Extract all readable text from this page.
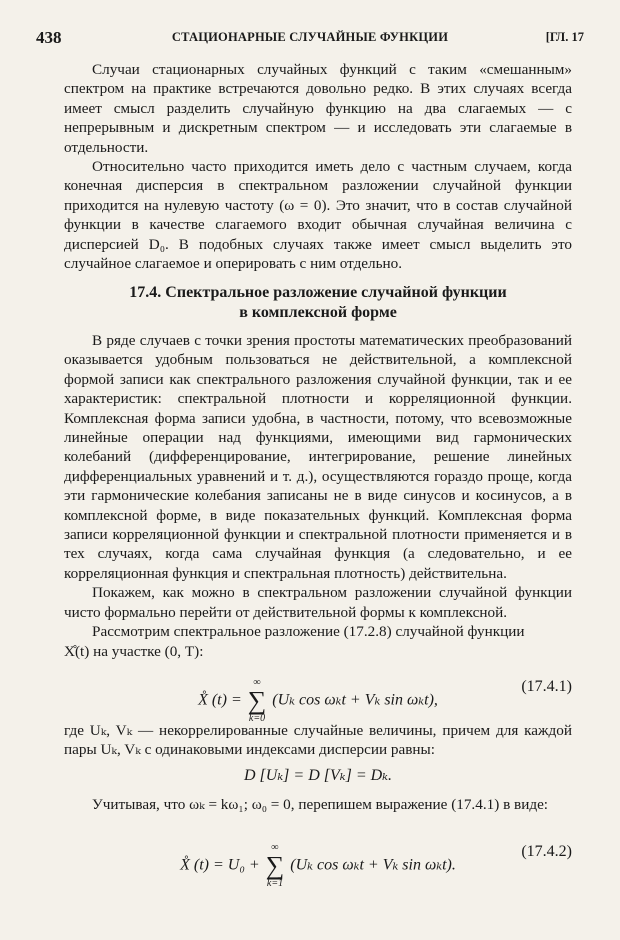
438	СТАЦИОНАРНЫЕ СЛУЧАЙНЫЕ ФУНКЦИИ	[ГЛ. 17

Случаи стационарных случайных функций с таким «смешанным» спектром на практике встречаются довольно редко. В этих случаях всегда имеет смысл разделить случайную функцию на два слагаемых — с непрерывным и дискретным спектром — и исследовать эти слагаемые в отдельности.

Относительно часто приходится иметь дело с частным случаем, когда конечная дисперсия в спектральном разложении случайной функции приходится на нулевую частоту (ω = 0). Это значит, что в состав случайной функции в качестве слагаемого входит обычная случайная величина с дисперсией D₀. В подобных случаях также имеет смысл выделить это случайное слагаемое и оперировать с ним отдельно.

17.4. Спектральное разложение случайной функции
в комплексной форме

В ряде случаев с точки зрения простоты математических преобразований оказывается удобным пользоваться не действительной, а комплексной формой записи как спектрального разложения случайной функции, так и ее характеристик: спектральной плотности и корреляционной функции. Комплексная форма записи удобна, в частности, потому, что всевозможные линейные операции над функциями, имеющими вид гармонических колебаний (дифференцирование, интегрирование, решение линейных дифференциальных уравнений и т. д.), осуществляются гораздо проще, когда эти гармонические колебания записаны не в виде синусов и косинусов, а в комплексной форме, в виде показательных функций. Комплексная форма записи корреляционной функции и спектральной плотности применяется и в тех случаях, когда сама случайная функция (а следовательно, и ее корреляционная функция и спектральная плотность) действительна.

Покажем, как можно в спектральном разложении случайной функции чисто формально перейти от действительной формы к комплексной.

Рассмотрим спектральное разложение (17.2.8) случайной функции

X̊(t) на участке (0, T):

X̊ (t) =
∞
∑
k=0
(Uₖ cos ωₖt + Vₖ sin ωₖt),
(17.4.1)

где Uₖ, Vₖ — некоррелированные случайные величины, причем для каждой пары Uₖ, Vₖ с одинаковыми индексами дисперсии равны:

D [Uₖ] = D [Vₖ] = Dₖ.

Учитывая, что ωₖ = kω₁; ω₀ = 0, перепишем выражение (17.4.1) в виде:

X̊ (t) = U₀ +
∞
∑
k=1
(Uₖ cos ωₖt + Vₖ sin ωₖt).
(17.4.2)
